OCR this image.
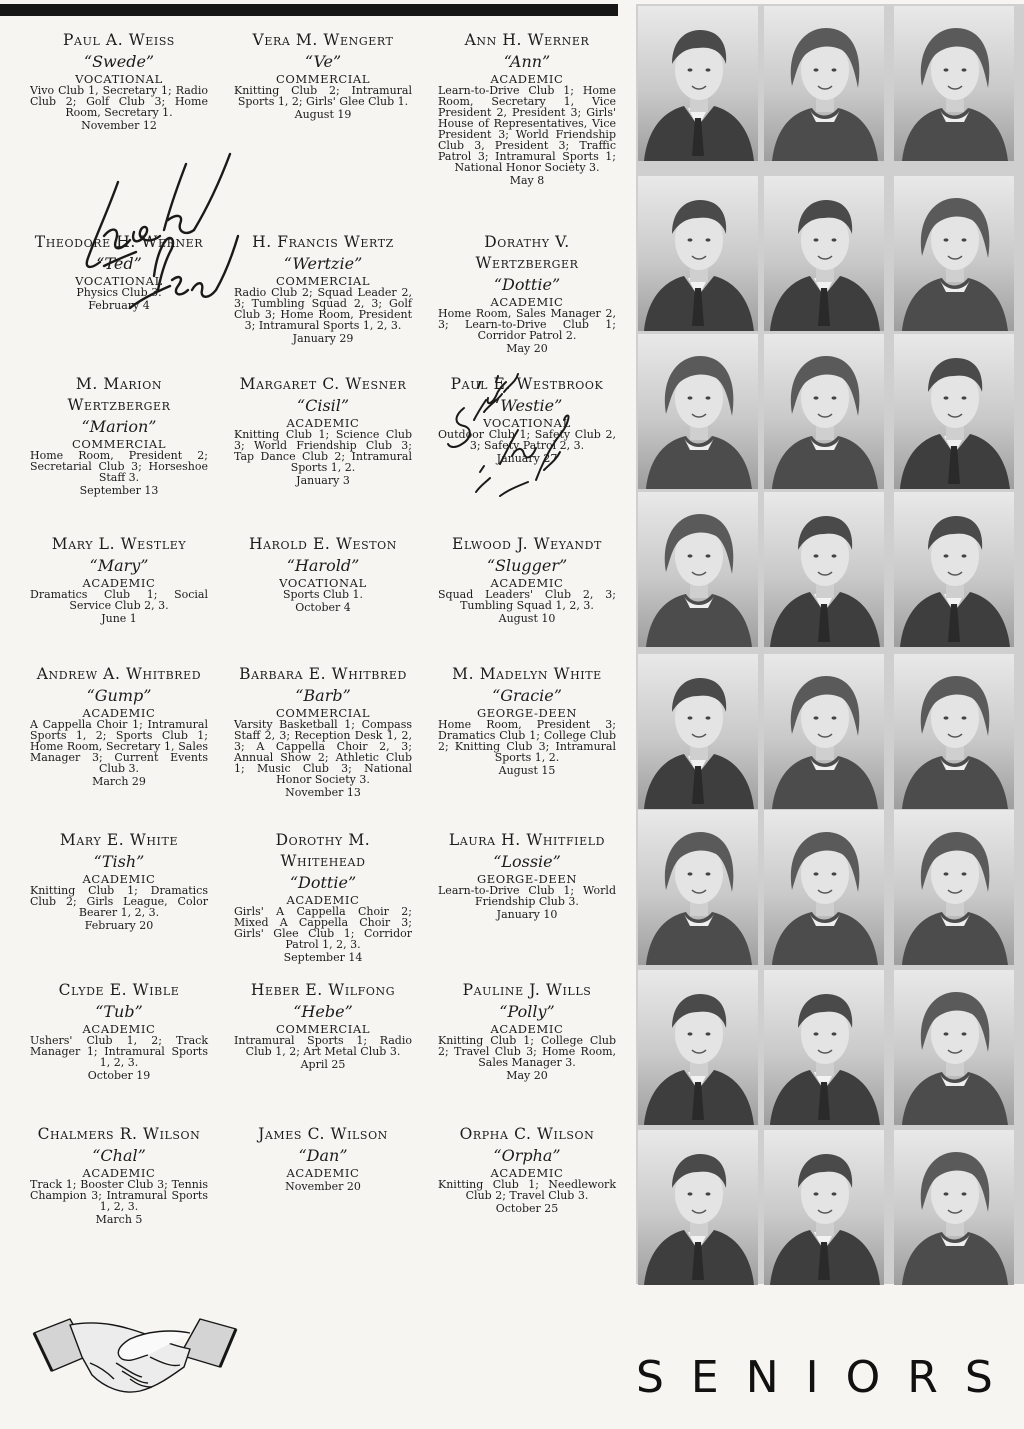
Paul A. Weiss
“Swede”
VOCATIONAL
Vivo Club 1, Secretary 1; Radio Club 2; Golf Club 3; Home Room, Secretary 1.
November 12
Vera M. Wengert
“Ve”
COMMERCIAL
Knitting Club 2; Intramural Sports 1, 2; Girls' Glee Club 1.
August 19
Ann H. Werner
“Ann”
ACADEMIC
Learn-to-Drive Club 1; Home Room, Secretary 1, Vice President 2, President 3; Girls' House of Representatives, Vice President 3; World Friendship Club 3, President 3; Traffic Patrol 3; Intramural Sports 1; National Honor Society 3.
May 8
Theodore H. Werner
“Ted”
VOCATIONAL
Physics Club 3.
February 4
H. Francis Wertz
“Wertzie”
COMMERCIAL
Radio Club 2; Squad Leader 2, 3; Tumbling Squad 2, 3; Golf Club 3; Home Room, President 3; Intramural Sports 1, 2, 3.
January 29
Dorathy V. Wertzberger
“Dottie”
ACADEMIC
Home Room, Sales Manager 2, 3; Learn-to-Drive Club 1; Corridor Patrol 2.
May 20
M. Marion Wertzberger
“Marion”
COMMERCIAL
Home Room, President 2; Secretarial Club 3; Horseshoe Staff 3.
September 13
Margaret C. Wesner
“Cisil”
ACADEMIC
Knitting Club 1; Science Club 3; World Friendship Club 3; Tap Dance Club 2; Intramural Sports 1, 2.
January 3
Paul E. Westbrook
“Westie”
VOCATIONAL
Outdoor Club 1; Safety Club 2, 3; Safety Patrol 2, 3.
January 27
Mary L. Westley
“Mary”
ACADEMIC
Dramatics Club 1; Social Service Club 2, 3.
June 1
Harold E. Weston
“Harold”
VOCATIONAL
Sports Club 1.
October 4
Elwood J. Weyandt
“Slugger”
ACADEMIC
Squad Leaders' Club 2, 3; Tumbling Squad 1, 2, 3.
August 10
Andrew A. Whitbred
“Gump”
ACADEMIC
A Cappella Choir 1; Intramural Sports 1, 2; Sports Club 1; Home Room, Secretary 1, Sales Manager 3; Current Events Club 3.
March 29
Barbara E. Whitbred
“Barb”
COMMERCIAL
Varsity Basketball 1; Compass Staff 2, 3; Reception Desk 1, 2, 3; A Cappella Choir 2, 3; Annual Show 2; Athletic Club 1; Music Club 3; National Honor Society 3.
November 13
M. Madelyn White
“Gracie”
GEORGE-DEEN
Home Room, President 3; Dramatics Club 1; College Club 2; Knitting Club 3; Intramural Sports 1, 2.
August 15
Mary E. White
“Tish”
ACADEMIC
Knitting Club 1; Dramatics Club 2; Girls League, Color Bearer 1, 2, 3.
February 20
Dorothy M. Whitehead
“Dottie”
ACADEMIC
Girls' A Cappella Choir 2; Mixed A Cappella Choir 3; Girls' Glee Club 1; Corridor Patrol 1, 2, 3.
September 14
Laura H. Whitfield
“Lossie”
GEORGE-DEEN
Learn-to-Drive Club 1; World Friendship Club 3.
January 10
Clyde E. Wible
“Tub”
ACADEMIC
Ushers' Club 1, 2; Track Manager 1; Intramural Sports 1, 2, 3.
October 19
Heber E. Wilfong
“Hebe”
COMMERCIAL
Intramural Sports 1; Radio Club 1, 2; Art Metal Club 3.
April 25
Pauline J. Wills
“Polly”
ACADEMIC
Knitting Club 1; College Club 2; Travel Club 3; Home Room, Sales Manager 3.
May 20
Chalmers R. Wilson
“Chal”
ACADEMIC
Track 1; Booster Club 3; Tennis Champion 3; Intramural Sports 1, 2, 3.
March 5
James C. Wilson
“Dan”
ACADEMIC
November 20
Orpha C. Wilson
“Orpha”
ACADEMIC
Knitting Club 1; Needlework Club 2; Travel Club 3.
October 25
SENIORS
